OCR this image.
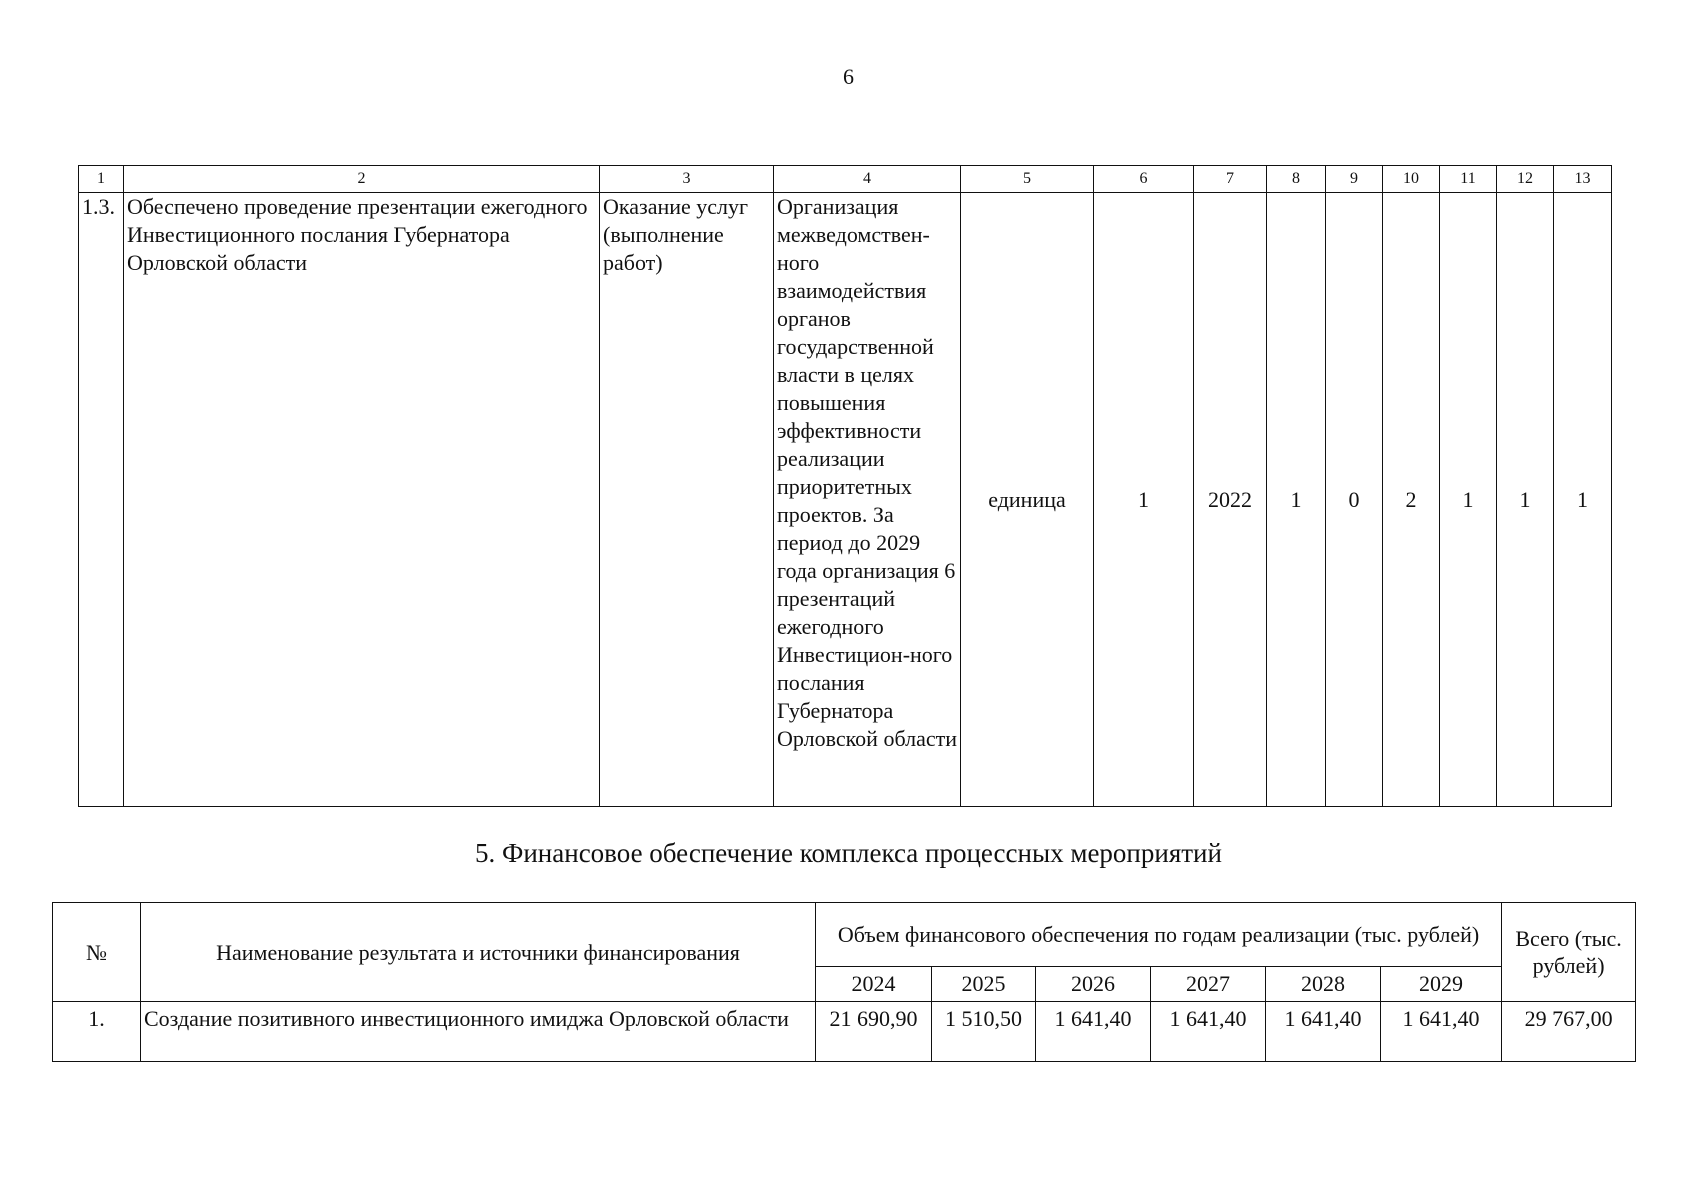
6
1	2	3	4	5	6	7	8	9	10	11	12	13
1.3.	Обеспечено проведение презентации ежегодного Инвестиционного послания Губернатора Орловской области	Оказание услуг (выполнение работ)	Организация межведомствен-ного взаимодействия органов государственной власти в целях повышения эффективности реализации приоритетных проектов. За период до 2029 года организация 6 презентаций ежегодного Инвестицион-ного послания Губернатора Орловской области	единица	1	2022	1	0	2	1	1	1
5. Финансовое обеспечение комплекса процессных мероприятий
№	Наименование результата и источники финансирования	Объем финансового обеспечения по годам реализации (тыс. рублей)						Всего (тыс. рублей)
		2024	2025	2026	2027	2028	2029	
1.	Создание позитивного инвестиционного имиджа Орловской области	21 690,90	1 510,50	1 641,40	1 641,40	1 641,40	1 641,40	29 767,00
